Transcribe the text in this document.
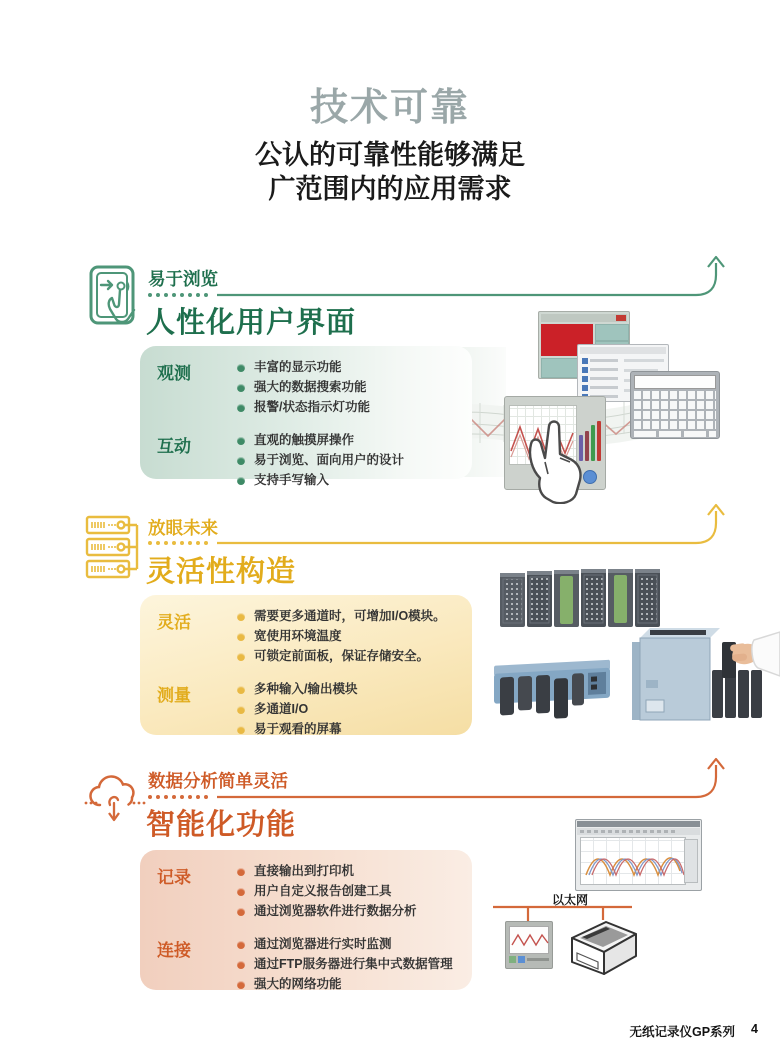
技术可靠
公认的可靠性能够满足
广范围内的应用需求
易于浏览
人性化用户界面
观测	丰富的显示功能
强大的数据搜索功能
报警/状态指示灯功能
互动	直观的触摸屏操作
易于浏览、面向用户的设计
支持手写输入
放眼未来
灵活性构造
灵活	需要更多通道时，可增加I/O模块。
宽使用环境温度
可锁定前面板，保证存储安全。
测量	多种输入/输出模块
多通道I/O
易于观看的屏幕
数据分析简单灵活
智能化功能
以太网
记录	直接输出到打印机
用户自定义报告创建工具
通过浏览器软件进行数据分析
连接	通过浏览器进行实时监测
通过FTP服务器进行集中式数据管理
强大的网络功能
无纸记录仪GP系列 4
